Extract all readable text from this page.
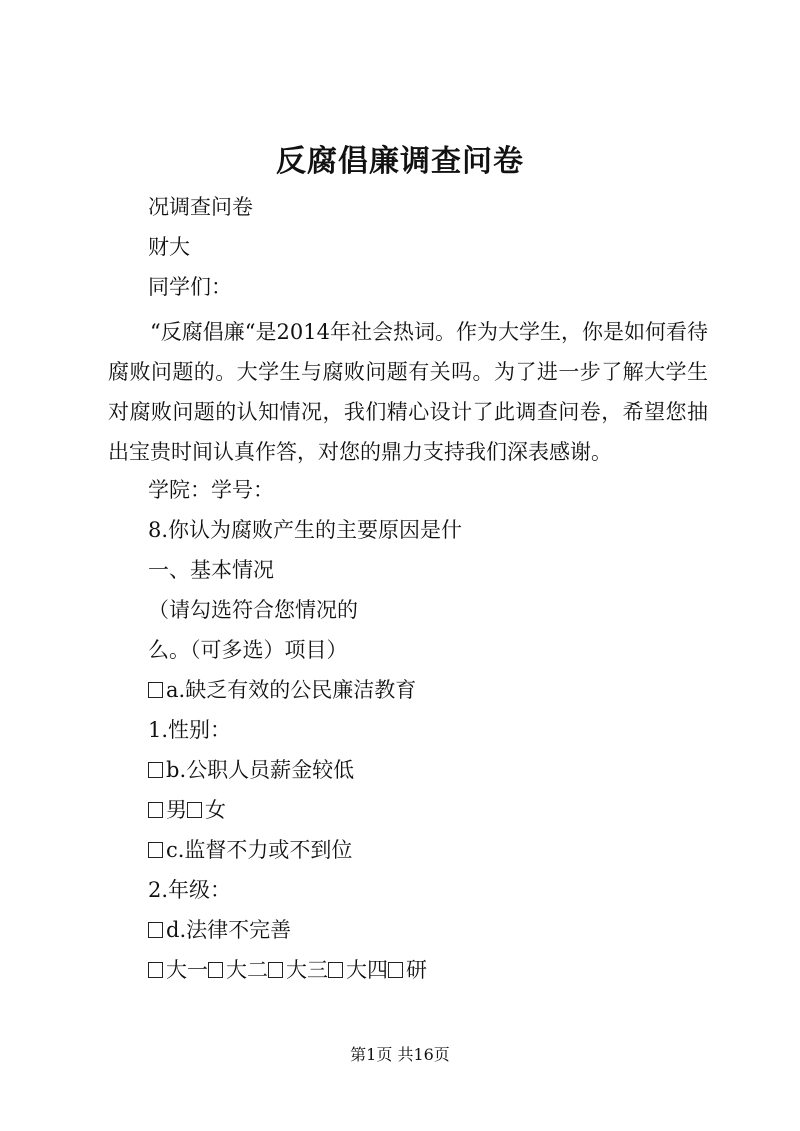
反腐倡廉调查问卷
况调查问卷
财大
同学们：
“反腐倡廉“是2014年社会热词。作为大学生，你是如何看待腐败问题的。大学生与腐败问题有关吗。为了进一步了解大学生对腐败问题的认知情况，我们精心设计了此调查问卷，希望您抽出宝贵时间认真作答，对您的鼎力支持我们深表感谢。
学院：学号：
8.你认为腐败产生的主要原因是什
一、基本情况
（请勾选符合您情况的
么。（可多选）项目）
a.缺乏有效的公民廉洁教育
1.性别：
b.公职人员薪金较低
男 女
c.监督不力或不到位
2.年级：
d.法律不完善
大一 大二 大三 大四 研
第1页 共16页
